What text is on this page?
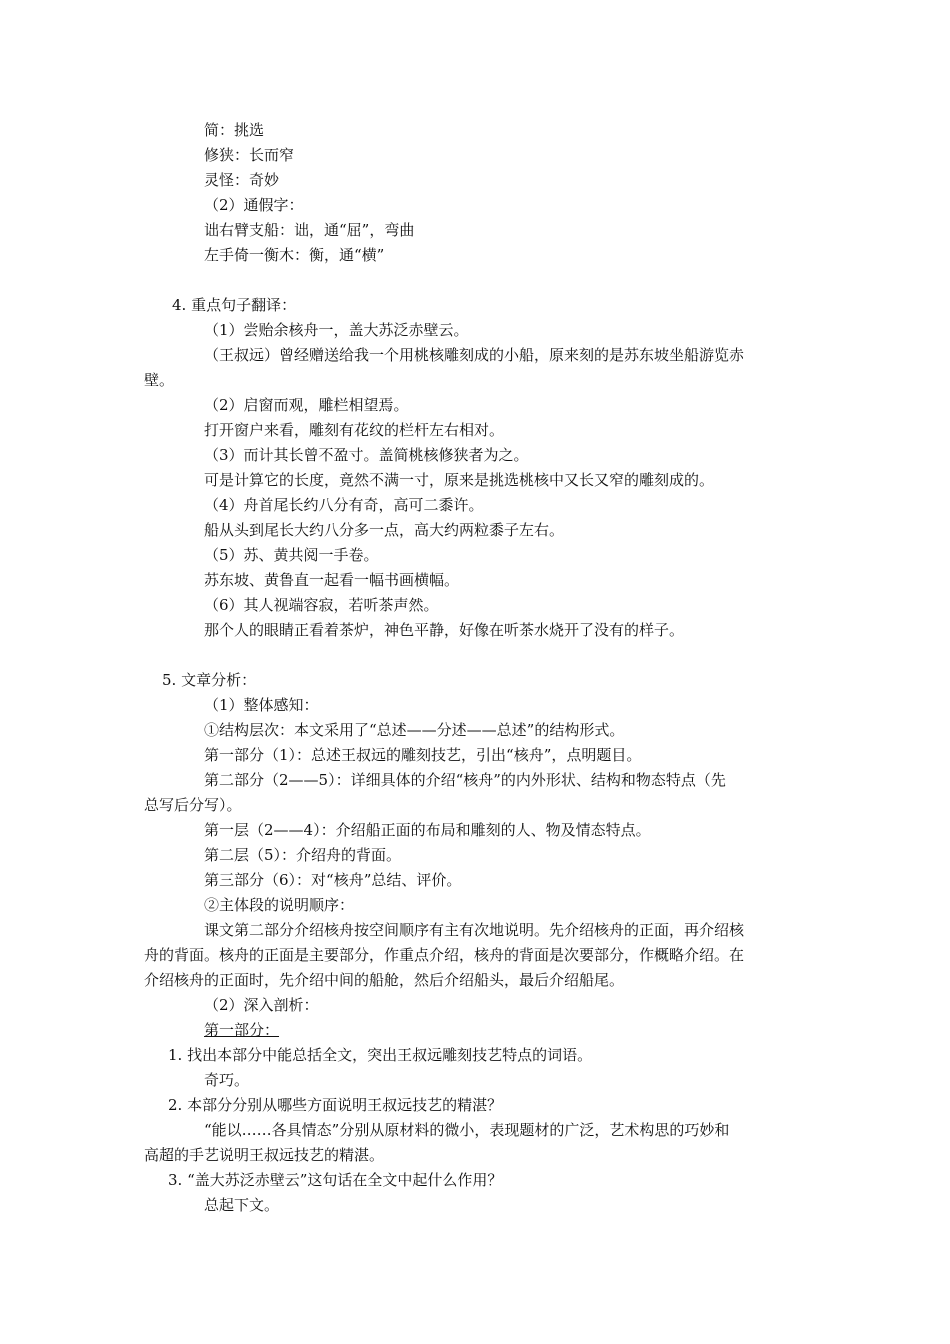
简：挑选
修狭：长而窄
灵怪：奇妙
（2）通假字：
诎右臂支船：诎，通“屈”，弯曲
左手倚一衡木：衡，通“横”
4. 重点句子翻译：
（1）尝贻余核舟一，盖大苏泛赤壁云。
（王叔远）曾经赠送给我一个用桃核雕刻成的小船，原来刻的是苏东坡坐船游览赤
壁。
（2）启窗而观，雕栏相望焉。
打开窗户来看，雕刻有花纹的栏杆左右相对。
（3）而计其长曾不盈寸。盖简桃核修狭者为之。
可是计算它的长度，竟然不满一寸，原来是挑选桃核中又长又窄的雕刻成的。
（4）舟首尾长约八分有奇，高可二黍许。
船从头到尾长大约八分多一点，高大约两粒黍子左右。
（5）苏、黄共阅一手卷。
苏东坡、黄鲁直一起看一幅书画横幅。
（6）其人视端容寂，若听茶声然。
那个人的眼睛正看着茶炉，神色平静，好像在听茶水烧开了没有的样子。
5. 文章分析：
（1）整体感知：
①结构层次：本文采用了“总述——分述——总述”的结构形式。
第一部分（1）：总述王叔远的雕刻技艺，引出“核舟”，点明题目。
第二部分（2——5）：详细具体的介绍“核舟”的内外形状、结构和物态特点（先
总写后分写）。
第一层（2——4）：介绍船正面的布局和雕刻的人、物及情态特点。
第二层（5）：介绍舟的背面。
第三部分（6）：对“核舟”总结、评价。
②主体段的说明顺序：
课文第二部分介绍核舟按空间顺序有主有次地说明。先介绍核舟的正面，再介绍核
舟的背面。核舟的正面是主要部分，作重点介绍，核舟的背面是次要部分，作概略介绍。在
介绍核舟的正面时，先介绍中间的船舱，然后介绍船头，最后介绍船尾。
（2）深入剖析：
第一部分：
1. 找出本部分中能总括全文，突出王叔远雕刻技艺特点的词语。
奇巧。
2. 本部分分别从哪些方面说明王叔远技艺的精湛？
“能以……各具情态”分别从原材料的微小，表现题材的广泛，艺术构思的巧妙和
高超的手艺说明王叔远技艺的精湛。
3. “盖大苏泛赤壁云”这句话在全文中起什么作用？
总起下文。
